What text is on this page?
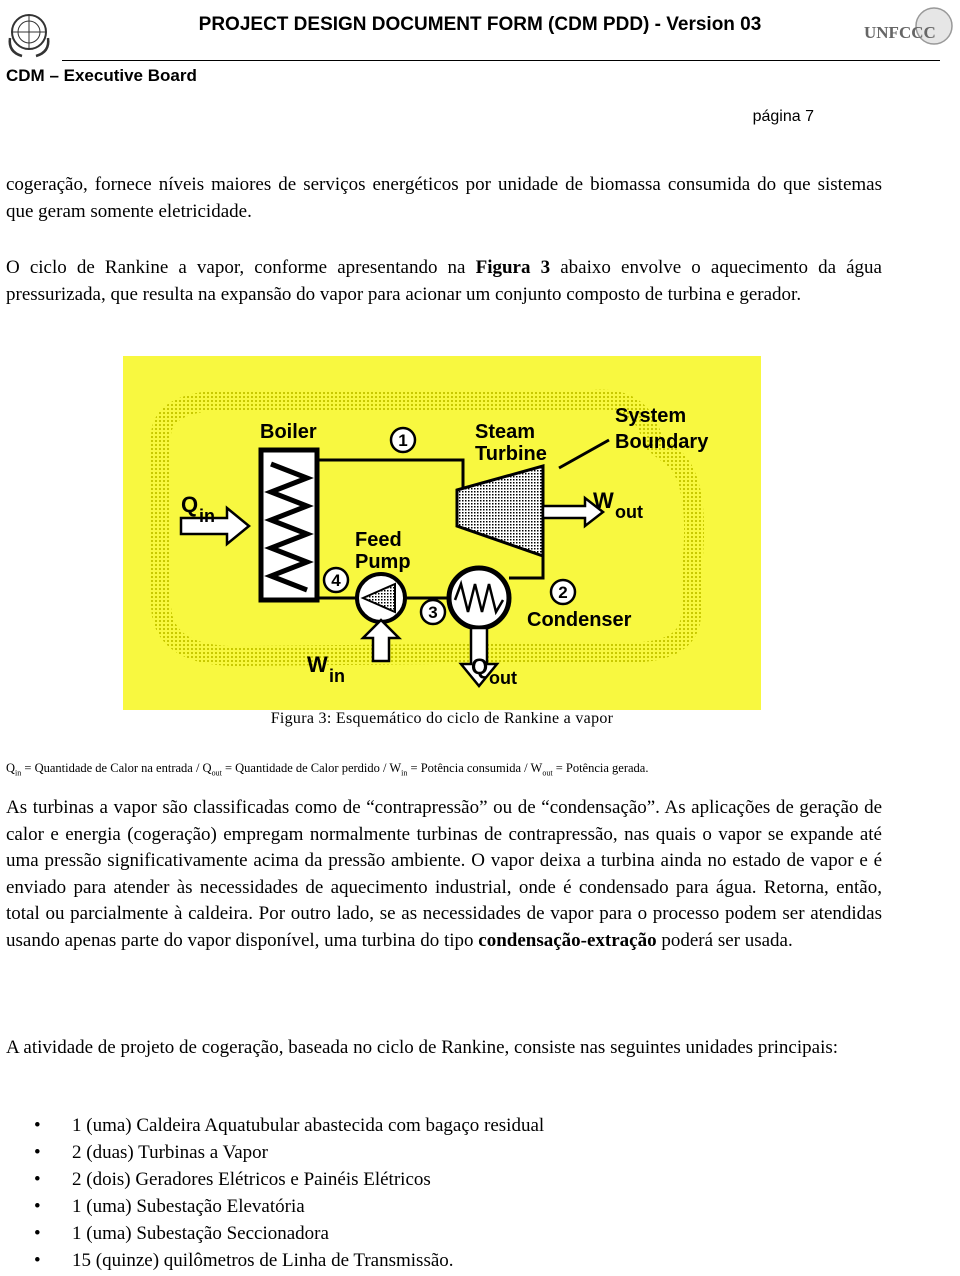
PROJECT DESIGN DOCUMENT FORM (CDM PDD) - Version 03
CDM – Executive Board
UNFCCC
página 7
cogeração, fornece níveis maiores de serviços energéticos por unidade de biomassa consumida do que sistemas que geram somente eletricidade.
O ciclo de Rankine a vapor, conforme apresentando na Figura 3 abaixo envolve o aquecimento da água pressurizada, que resulta na expansão do vapor para acionar um conjunto composto de turbina e gerador.
1
2
3
4
Boiler	Steam
Turbine
System
Boundary
Feed
Pump
Condenser
Q in
W out
W in	Q out
Figura 3: Esquemático do ciclo de Rankine a vapor
$Q_{in}$ = Quantidade de Calor na entrada / $Q_{out}$ = Quantidade de Calor perdido / $W_{in}$ = Potência consumida / $W_{out}$ = Potência gerada.
As turbinas a vapor são classificadas como de “contrapressão” ou de “condensação”. As aplicações de geração de calor e energia (cogeração) empregam normalmente turbinas de contrapressão, nas quais o vapor se expande até uma pressão significativamente acima da pressão ambiente. O vapor deixa a turbina ainda no estado de vapor e é enviado para atender às necessidades de aquecimento industrial, onde é condensado para água. Retorna, então, total ou parcialmente à caldeira. Por outro lado, se as necessidades de vapor para o processo podem ser atendidas usando apenas parte do vapor disponível, uma turbina do tipo condensação-extração poderá ser usada.
A atividade de projeto de cogeração, baseada no ciclo de Rankine, consiste nas seguintes unidades principais:
• 1 (uma) Caldeira Aquatubular abastecida com bagaço residual
• 2 (duas) Turbinas a Vapor
• 2 (dois) Geradores Elétricos e Painéis Elétricos
• 1 (uma) Subestação Elevatória
• 1 (uma) Subestação Seccionadora
• 15 (quinze) quilômetros de Linha de Transmissão.
